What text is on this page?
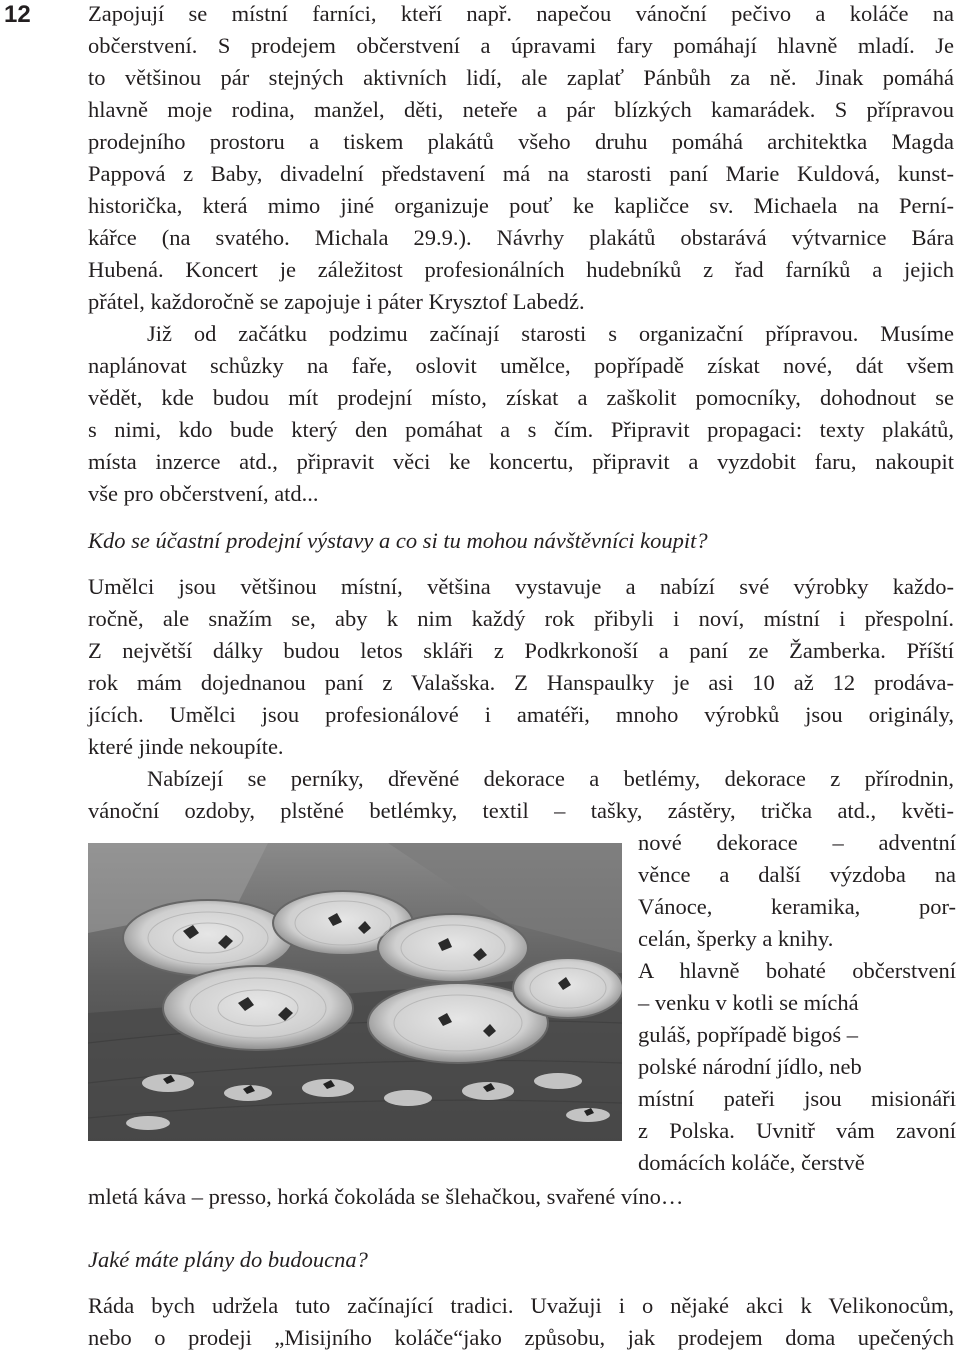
12	Zapojují se místní farníci, kteří např. napečou vánoční pečivo a koláče na
občerstvení. S prodejem občerstvení a úpravami fary pomáhají hlavně mladí. Je
to většinou pár stejných aktivních lidí, ale zaplať Pánbůh za ně. Jinak pomáhá
hlavně moje rodina, manžel, děti, neteře a pár blízkých kamarádek. S přípravou
prodejního prostoru a tiskem plakátů všeho druhu pomáhá architektka Magda
Pappová z Baby, divadelní představení má na starosti paní Marie Kuldová, kunst-
historička, která mimo jiné organizuje pouť ke kapličce sv. Michaela na Perní-
kářce (na svatého. Michala 29.9.). Návrhy plakátů obstarává výtvarnice Bára
Hubená. Koncert je záležitost profesionálních hudebníků z řad farníků a jejich
přátel, každoročně se zapojuje i páter Krysztof Labedź.
Již od začátku podzimu začínají starosti s organizační přípravou. Musíme
naplánovat schůzky na faře, oslovit umělce, popřípadě získat nové, dát všem
vědět, kde budou mít prodejní místo, získat a zaškolit pomocníky, dohodnout se
s nimi, kdo bude který den pomáhat a s čím. Připravit propagaci: texty plakátů,
místa inzerce atd., připravit věci ke koncertu, připravit a vyzdobit faru, nakoupit
vše pro občerstvení, atd...
Kdo se účastní prodejní výstavy a co si tu mohou návštěvníci koupit?
Umělci jsou většinou místní, většina vystavuje a nabízí své výrobky každo-
ročně, ale snažím se, aby k nim každý rok přibyli i noví, místní i přespolní.
Z největší dálky budou letos skláři z Podkrkonoší a paní ze Žamberka. Příští
rok mám dojednanou paní z Valašska. Z Hanspaulky je asi 10 až 12 prodáva-
jících. Umělci jsou profesionálové i amatéři, mnoho výrobků jsou originály,
které jinde nekoupíte.
Nabízejí se perníky, dřevěné dekorace a betlémy, dekorace z přírodnin,
vánoční ozdoby, plstěné betlémky, textil – tašky, zástěry, trička atd., květi-
nové dekorace – adventní
věnce a další výzdoba na
Vánoce, keramika, por-
celán, šperky a knihy.
A hlavně bohaté občerstvení
– venku v kotli se míchá
guláš, popřípadě bigoś –
polské národní jídlo, neb
místní pateři jsou misionáři
z Polska. Uvnitř vám zavoní
domácích koláče, čerstvě
mletá káva – presso, horká čokoláda se šlehačkou, svařené víno…
Jaké máte plány do budoucna?
Ráda bych udržela tuto začínající tradici. Uvažuji i o nějaké akci k Velikonocům,
nebo o prodeji „Misijního koláče“jako způsobu, jak prodejem doma upečených
